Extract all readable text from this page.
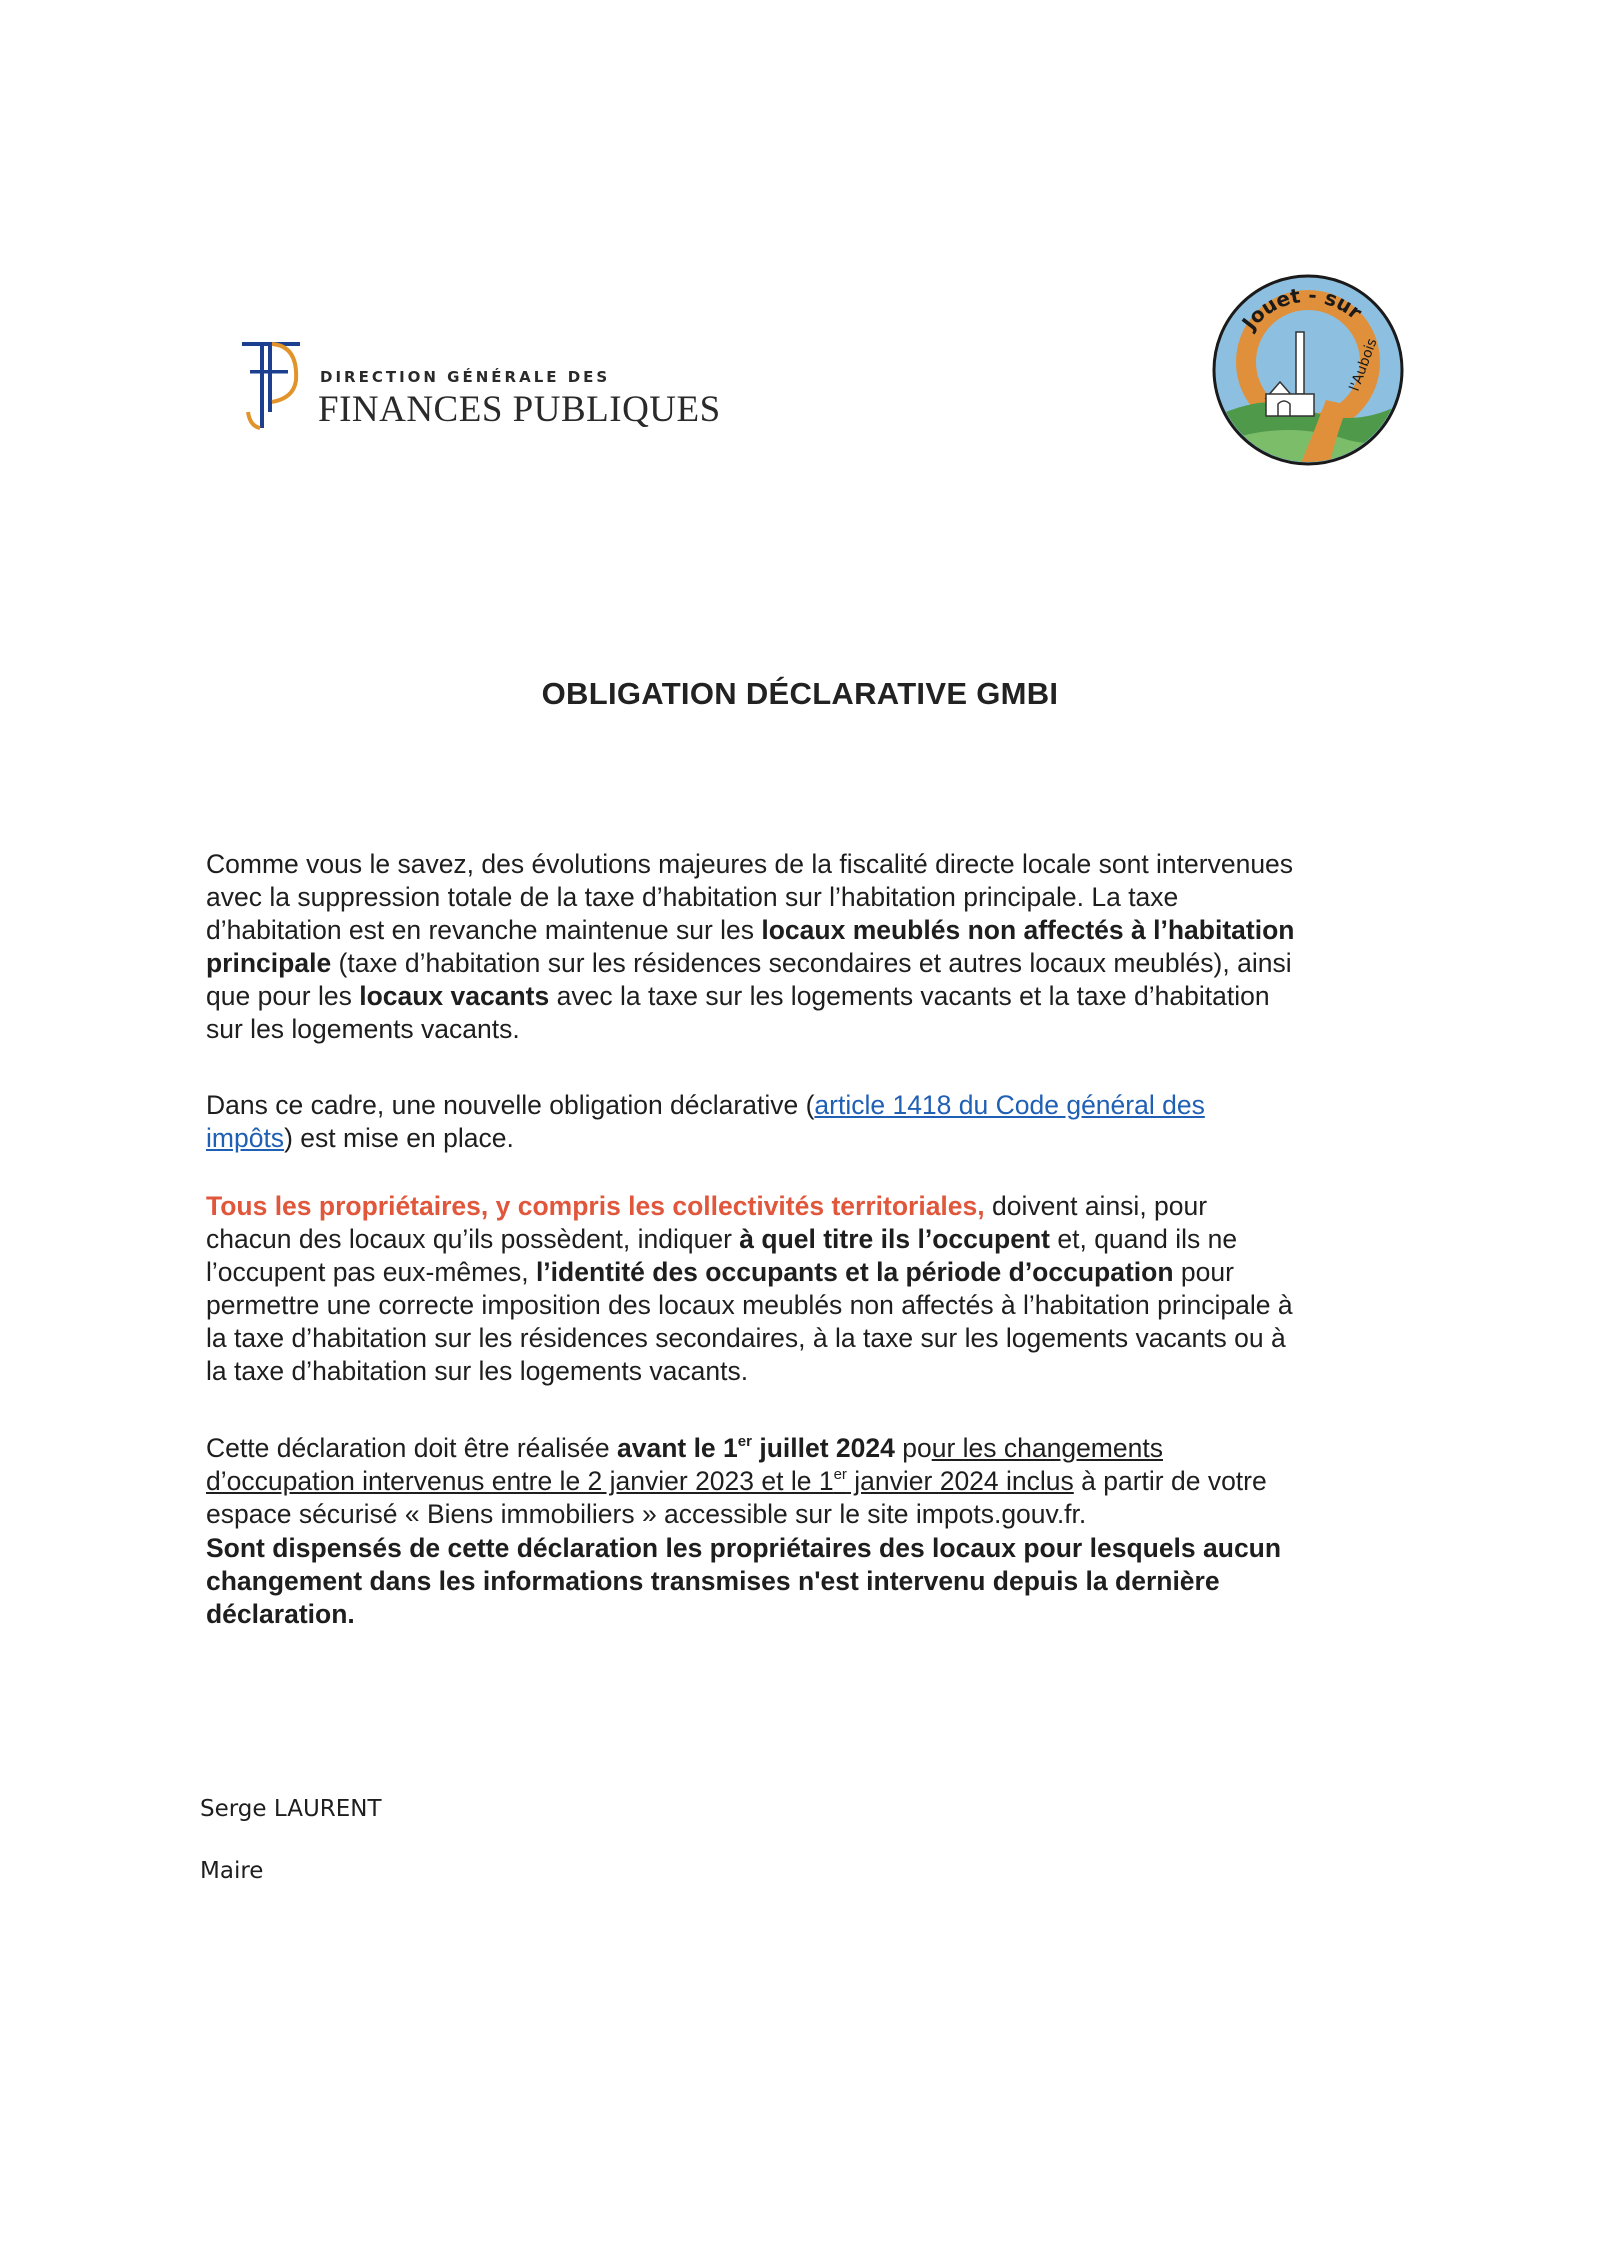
DIRECTION GÉNÉRALE DES
FINANCES PUBLIQUES
Jouet - sur
l'Aubois
OBLIGATION DÉCLARATIVE GMBI
Comme vous le savez, des évolutions majeures de la fiscalité directe locale sont intervenues
avec la suppression totale de la taxe d’habitation sur l’habitation principale. La taxe
d’habitation est en revanche maintenue sur les locaux meublés non affectés à l’habitation
principale (taxe d’habitation sur les résidences secondaires et autres locaux meublés), ainsi
que pour les locaux vacants avec la taxe sur les logements vacants et la taxe d’habitation
sur les logements vacants.
Dans ce cadre, une nouvelle obligation déclarative (article 1418 du Code général des
impôts) est mise en place.
Tous les propriétaires, y compris les collectivités territoriales, doivent ainsi, pour
chacun des locaux qu’ils possèdent, indiquer à quel titre ils l’occupent et, quand ils ne
l’occupent pas eux-mêmes, l’identité des occupants et la période d’occupation pour
permettre une correcte imposition des locaux meublés non affectés à l’habitation principale à
la taxe d’habitation sur les résidences secondaires, à la taxe sur les logements vacants ou à
la taxe d’habitation sur les logements vacants.
Cette déclaration doit être réalisée avant le 1er juillet 2024 pour les changements
d’occupation intervenus entre le 2 janvier 2023 et le 1er janvier 2024 inclus à partir de votre
espace sécurisé « Biens immobiliers » accessible sur le site impots.gouv.fr.
Sont dispensés de cette déclaration les propriétaires des locaux pour lesquels aucun
changement dans les informations transmises n'est intervenu depuis la dernière
déclaration.

Serge LAURENT

Maire
